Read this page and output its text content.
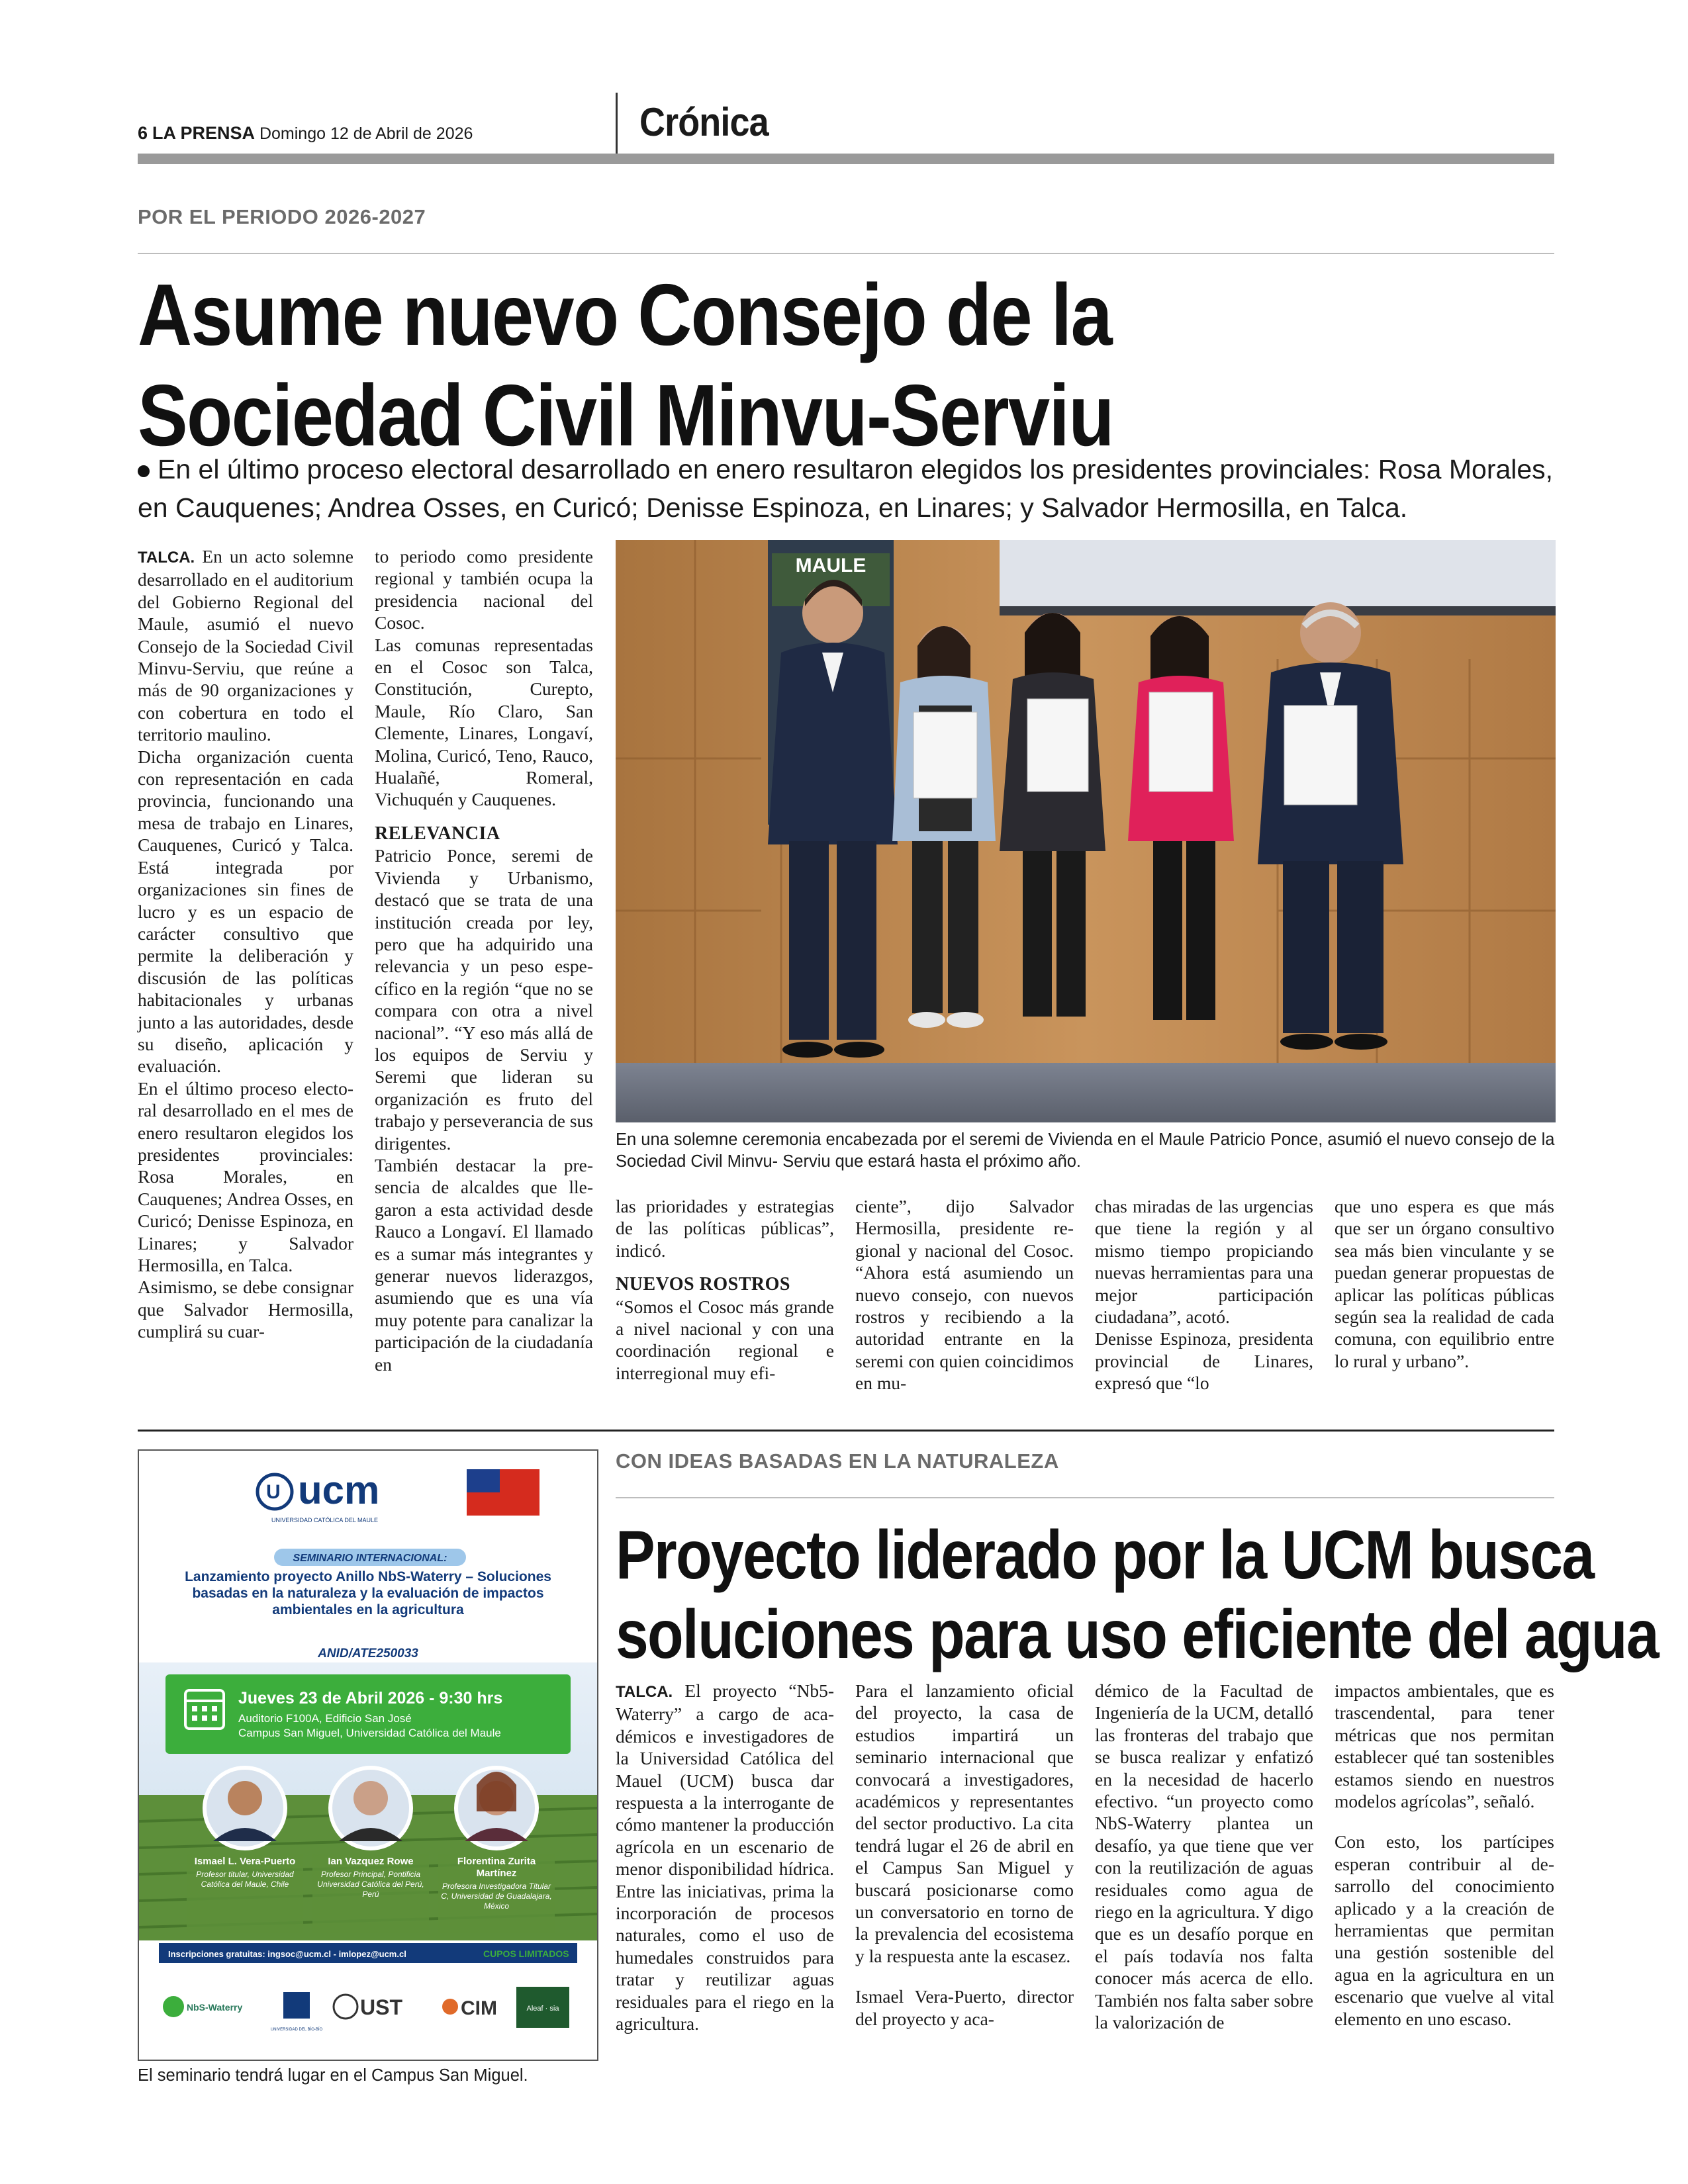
6 LA PRENSA Domingo 12 de Abril de 2026	Crónica
POR EL PERIODO 2026-2027
Asume nuevo Consejo de la
Sociedad Civil Minvu-Serviu
En el último proceso electoral desarrollado en enero resultaron elegidos los presidentes provinciales: Rosa Morales, en Cauquenes; Andrea Osses, en Curicó; Denisse Espinoza, en Linares; y Salvador Hermosilla, en Talca.

TALCA. En un acto solemne desarrollado en el auditorium del Gobierno Regional del Maule, asumió el nuevo Consejo de la Sociedad Civil Minvu-Serviu, que reúne a más de 90 organizaciones y con cobertura en todo el territorio maulino.

Dicha organización cuenta con representación en cada provincia, funcionando una mesa de trabajo en Linares, Cauquenes, Curicó y Talca. Está integrada por organizaciones sin fines de lucro y es un espacio de carácter consultivo que permite la deliberación y discusión de las políticas habitacionales y urbanas junto a las autoridades, desde su diseño, aplicación y evaluación.

En el último proceso electoral desarrollado en el mes de enero resultaron elegidos los presidentes provinciales: Rosa Morales, en Cauquenes; Andrea Osses, en Curicó; Denisse Espinoza, en Linares; y Salvador Hermosilla, en Talca.

Asimismo, se debe consignar que Salvador Hermosilla, cumplirá su cuar-

to periodo como presidente regional y también ocupa la presidencia nacional del Cosoc.

Las comunas representadas en el Cosoc son Talca, Constitución, Curepto, Maule, Río Claro, San Clemente, Linares, Longaví, Molina, Curicó, Teno, Rauco, Hualañé, Romeral, Vichuquén y Cauquenes.

RELEVANCIA

Patricio Ponce, seremi de Vivienda y Urbanismo, destacó que se trata de una institución creada por ley, pero que ha adquirido una relevancia y un peso específico en la región “que no se compara con otra a nivel nacional”. “Y eso más allá de los equipos de Serviu y Seremi que lideran su organización es fruto del trabajo y perseverancia de sus dirigentes.

También destacar la presencia de alcaldes que llegaron a esta actividad desde Rauco a Longaví. El llamado es a sumar más integrantes y generar nuevos liderazgos, asumiendo que es una vía muy potente para canalizar la participación de la ciudadanía en

MAULE
En una solemne ceremonia encabezada por el seremi de Vivienda en el Maule Patricio Ponce, asumió el nuevo consejo de la Sociedad Civil Minvu- Serviu que estará hasta el próximo año.

las prioridades y estrategias de las políticas públicas”, indicó.

NUEVOS ROSTROS

“Somos el Cosoc más grande a nivel nacional y con una coordinación regional e interregional muy efi-

ciente”, dijo Salvador Hermosilla, presidente regional y nacional del Cosoc. “Ahora está asumiendo un nuevo consejo, con nuevos rostros y recibiendo a la autoridad entrante en la seremi con quien coincidimos en mu-

chas miradas de las urgencias que tiene la región y al mismo tiempo propiciando nuevas herramientas para una mejor participación ciudadana”, acotó.

Denisse Espinoza, presidenta provincial de Linares, expresó que “lo

que uno espera es que más que ser un órgano consultivo sea más bien vinculante y se puedan generar propuestas de aplicar las políticas públicas según sea la realidad de cada comuna, con equilibrio entre lo rural y urbano”.

U ucm
UNIVERSIDAD CATÓLICA DEL MAULE
SEMINARIO INTERNACIONAL:
Lanzamiento proyecto Anillo NbS-Waterry – Soluciones basadas en la naturaleza y la evaluación de impactos ambientales en la agricultura
ANID/ATE250033
Jueves 23 de Abril 2026 - 9:30 hrs
Auditorio F100A, Edificio San José
Campus San Miguel, Universidad Católica del Maule
Ismael L. Vera-Puerto
Profesor titular, Universidad Católica del Maule, Chile
Ian Vazquez Rowe
Profesor Principal, Pontificia Universidad Católica del Perú, Perú
Florentina Zurita Martínez
Profesora Investigadora Titular C, Universidad de Guadalajara, México
Inscripciones gratuitas: ingsoc@ucm.cl - imlopez@ucm.cl	CUPOS LIMITADOS
NbS-Waterry
UNIVERSIDAD DEL BÍO-BÍO
UST	CIM	Aleaf · sia
El seminario tendrá lugar en el Campus San Miguel.
CON IDEAS BASADAS EN LA NATURALEZA
Proyecto liderado por la UCM busca
soluciones para uso eficiente del agua

TALCA. El proyecto “Nb5-Waterry” a cargo de académicos e investigadores de la Universidad Católica del Mauel (UCM) busca dar respuesta a la interrogante de cómo mantener la producción agrícola en un escenario de menor disponibilidad hídrica. Entre las iniciativas, prima la incorporación de procesos naturales, como el uso de humedales construidos para tratar y reutilizar aguas residuales para el riego en la agricultura.

Para el lanzamiento oficial del proyecto, la casa de estudios impartirá un seminario internacional que convocará a investigadores, académicos y representantes del sector productivo. La cita tendrá lugar el 26 de abril en el Campus San Miguel y buscará posicionarse como un conversatorio en torno de la prevalencia del ecosistema y la respuesta ante la escasez.

Ismael Vera-Puerto, director del proyecto y aca-

démico de la Facultad de Ingeniería de la UCM, detalló las fronteras del trabajo que se busca realizar y enfatizó en la necesidad de hacerlo efectivo. “un proyecto como NbS-Waterry plantea un desafío, ya que tiene que ver con la reutilización de aguas residuales como agua de riego en la agricultura. Y digo que es un desafío porque en el país todavía nos falta conocer más acerca de ello. También nos falta saber sobre la valorización de

impactos ambientales, que es trascendental, para tener métricas que nos permitan establecer qué tan sostenibles estamos siendo en nuestros modelos agrícolas”, señaló.

Con esto, los partícipes esperan contribuir al desarrollo del conocimiento aplicado y a la creación de herramientas que permitan una gestión sostenible del agua en la agricultura en un escenario que vuelve al vital elemento en uno escaso.
